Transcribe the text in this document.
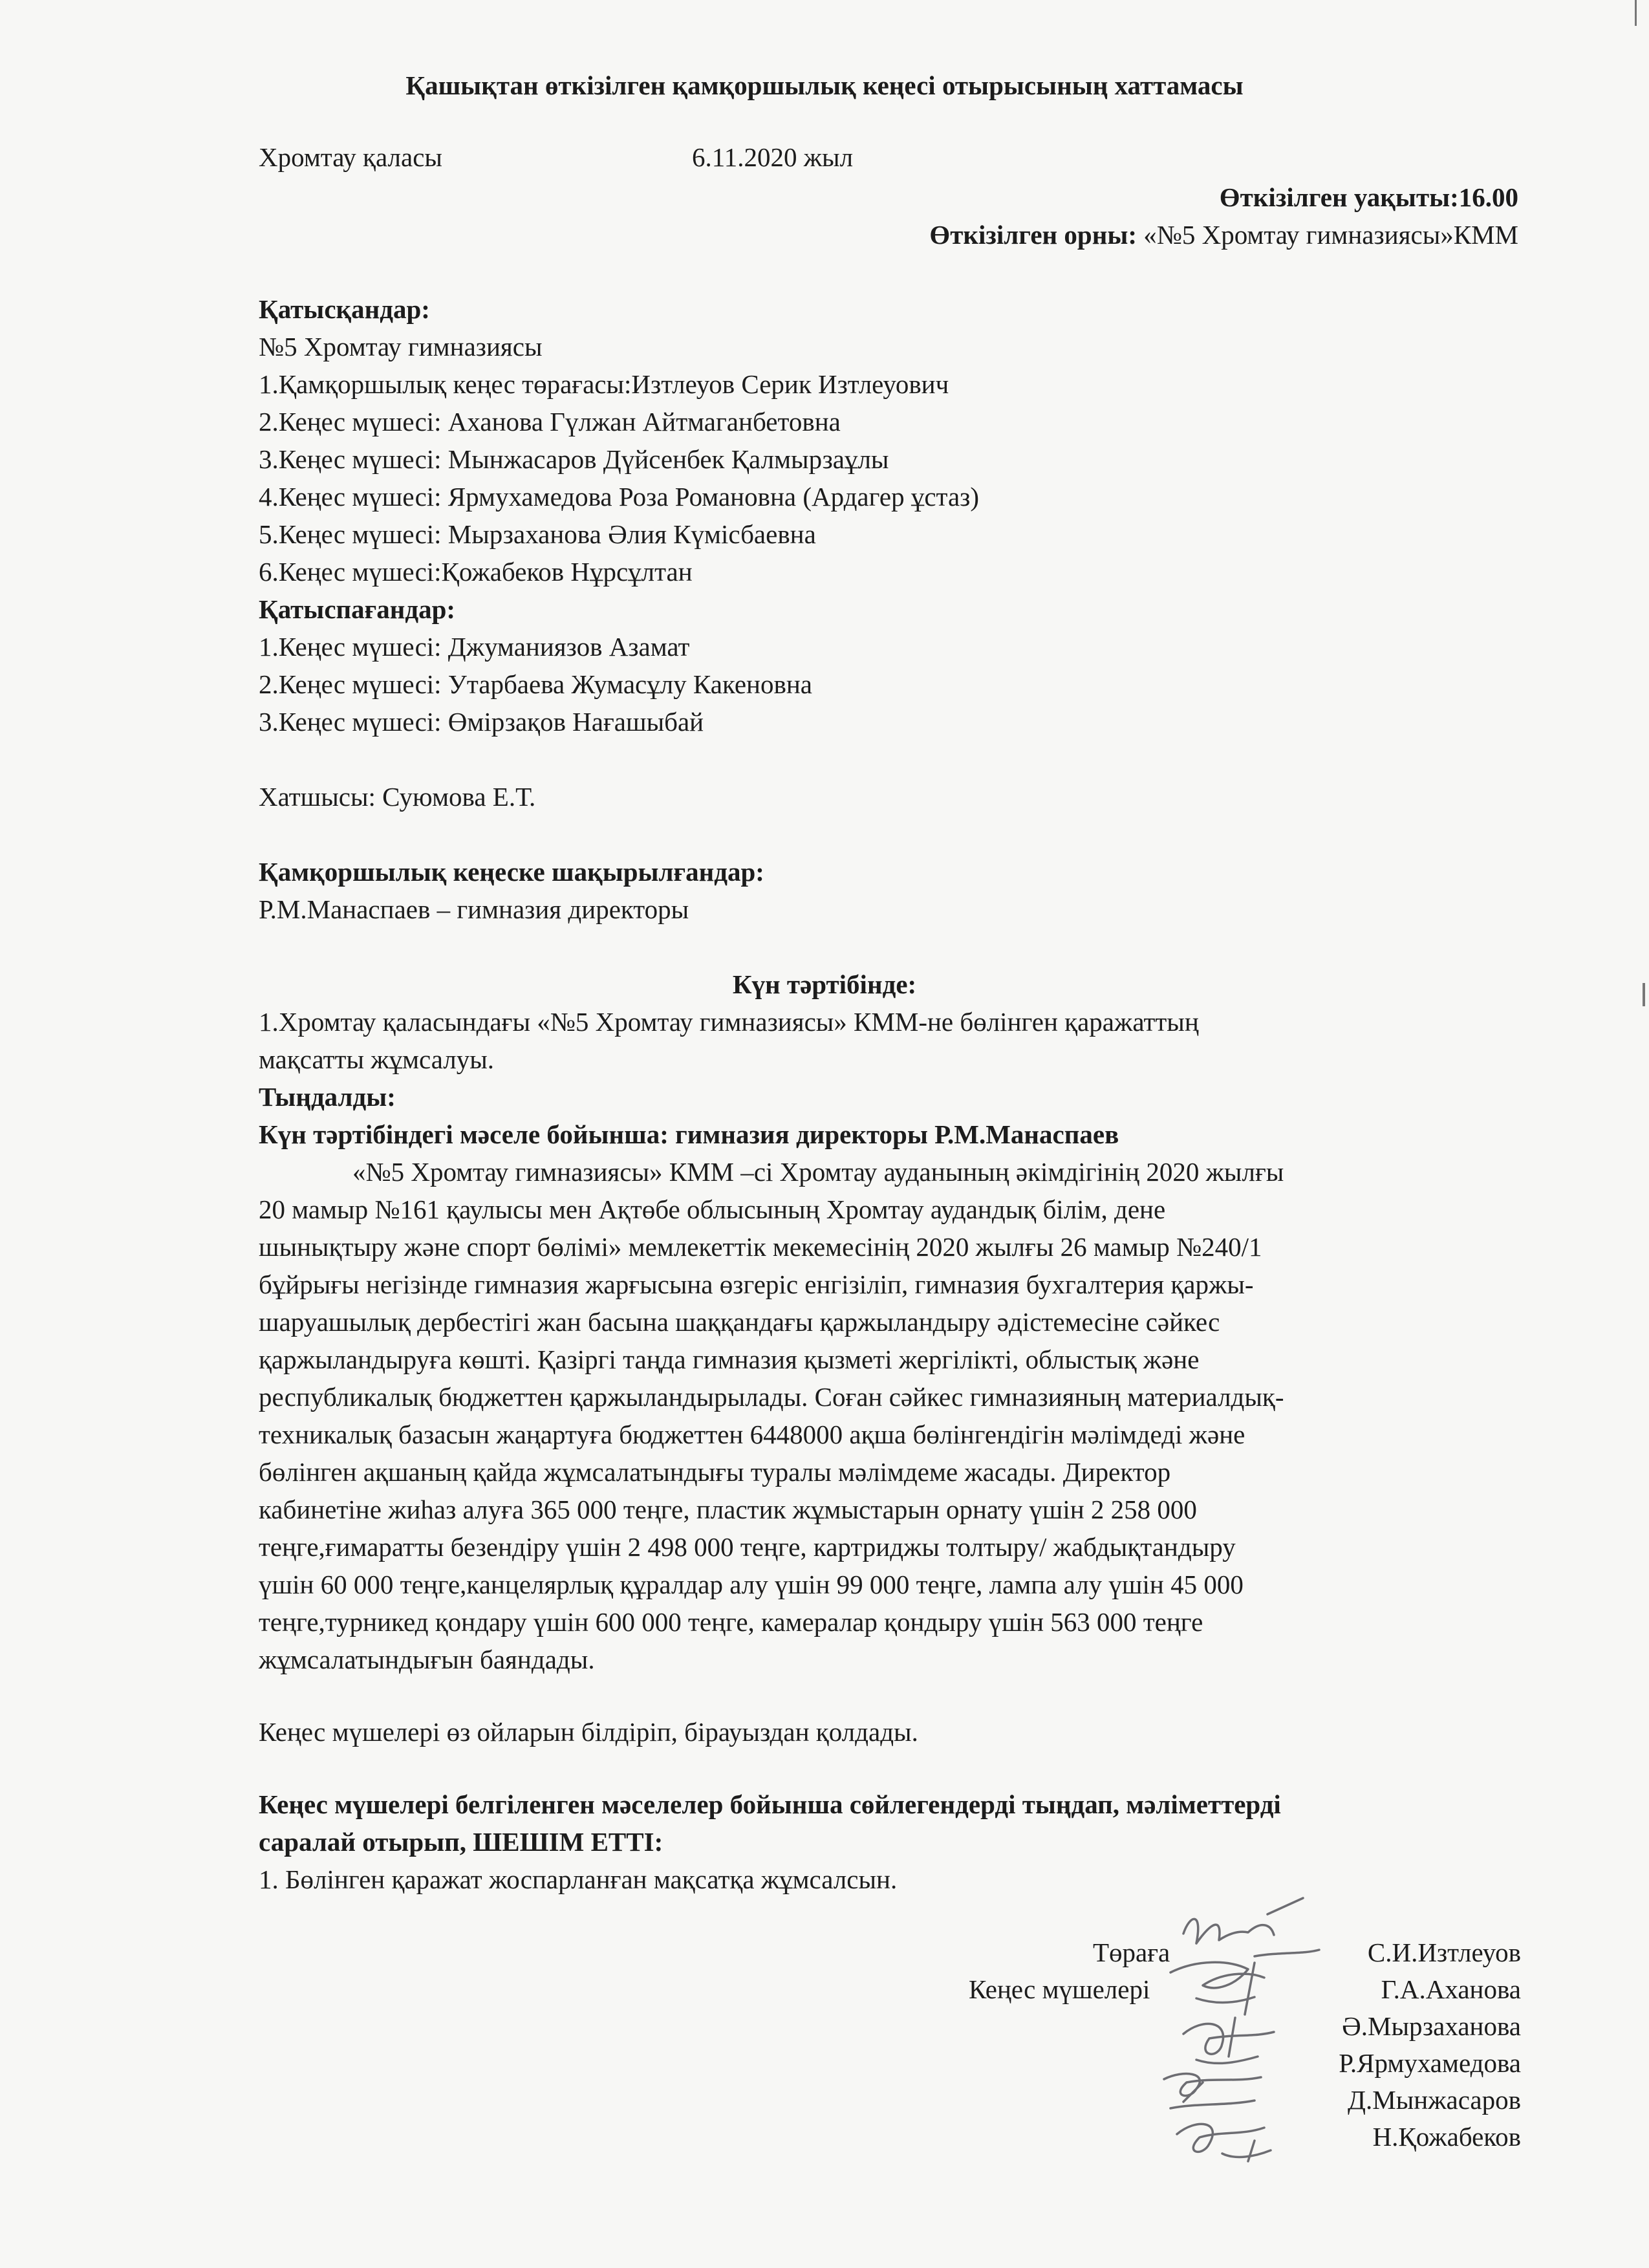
Қашықтан өткізілген қамқоршылық кеңесі отырысының хаттамасы
Хромтау қаласы	6.11.2020 жыл
Өткізілген уақыты:16.00
Өткізілген орны: «№5 Хромтау гимназиясы»КММ
Қатысқандар:
№5 Хромтау гимназиясы
1.Қамқоршылық кеңес төрағасы:Изтлеуов Серик Изтлеуович
2.Кеңес мүшесі: Аханова Гүлжан Айтмаганбетовна
3.Кеңес мүшесі: Мынжасаров Дүйсенбек Қалмырзаұлы
4.Кеңес мүшесі: Ярмухамедова Роза Романовна (Ардагер ұстаз)
5.Кеңес мүшесі: Мырзаханова Әлия Күмісбаевна
6.Кеңес мүшесі:Қожабеков Нұрсұлтан
Қатыспағандар:
1.Кеңес мүшесі: Джуманиязов Азамат
2.Кеңес мүшесі: Утарбаева Жумасұлу Какеновна
3.Кеңес мүшесі: Өмірзақов Нағашыбай
Хатшысы: Суюмова Е.Т.
Қамқоршылық кеңеске шақырылғандар:
Р.М.Манаспаев – гимназия директоры
Күн тәртібінде:
1.Хромтау қаласындағы «№5 Хромтау гимназиясы» КММ-не бөлінген қаражаттың
мақсатты жұмсалуы.
Тыңдалды:
Күн тәртібіндегі мәселе бойынша: гимназия директоры Р.М.Манаспаев
«№5 Хромтау гимназиясы» КММ –сі Хромтау ауданының әкімдігінің 2020 жылғы
20 мамыр №161 қаулысы мен Ақтөбе облысының Хромтау аудандық білім, дене
шынықтыру және спорт бөлімі» мемлекеттік мекемесінің 2020 жылғы 26 мамыр №240/1
бұйрығы негізінде гимназия жарғысына өзгеріс енгізіліп, гимназия бухгалтерия қаржы-
шаруашылық дербестігі жан басына шаққандағы қаржыландыру әдістемесіне сәйкес
қаржыландыруға көшті. Қазіргі таңда гимназия қызметі жергілікті, облыстық және
республикалық бюджеттен қаржыландырылады. Соған сәйкес гимназияның материалдық-
техникалық базасын жаңартуға бюджеттен 6448000 ақша бөлінгендігін мәлімдеді және
бөлінген ақшаның қайда жұмсалатындығы туралы мәлімдеме жасады. Директор
кабинетіне жиһаз алуға 365 000 теңге, пластик жұмыстарын орнату үшін 2 258 000
теңге,ғимаратты безендіру үшін 2 498 000 теңге, картриджы толтыру/ жабдықтандыру
үшін 60 000 теңге,канцелярлық құралдар алу үшін 99 000 теңге, лампа алу үшін 45 000
теңге,турникед қондару үшін 600 000 теңге, камералар қондыру үшін 563 000 теңге
жұмсалатындығын баяндады.
Кеңес мүшелері өз ойларын білдіріп, бірауыздан қолдады.
Кеңес мүшелері белгіленген мәселелер бойынша сөйлегендерді тыңдап, мәліметтерді
саралай отырып, ШЕШІМ ЕТТІ:
1. Бөлінген қаражат жоспарланған мақсатқа жұмсалсын.
Төраға	С.И.Изтлеуов
Кеңес мүшелері	Г.А.Аханова
Ә.Мырзаханова
Р.Ярмухамедова
Д.Мынжасаров
Н.Қожабеков
